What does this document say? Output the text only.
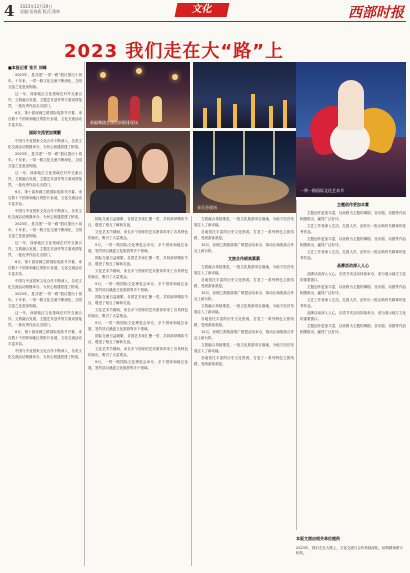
4 2023年12月29日
责编:张海燕 版式:蒲林	文化	西部时报
2023 我们走在大“路”上
新编舞剧在演出前联排现场
一带一路国际文化艺术节
音乐会现场
■本报记者 张天 刘峰

2023年，是共建“一带一路”倡议提出十周年。十年来，一带一路文化交流不断深化，文明互鉴之花愈加绚丽。

这一年，西部地区文化领域在对外交流合作、文旅融合发展、主题艺术创作等方面成绩斐然，一批优秀作品走出国门。

6月，第十届丝绸之路国际电影节开幕，来自数十个国家和地区的影片参展，文化交流活动丰富多彩。

国际交流更加频繁

中国与中亚国家文化合作不断深入，各类文化交流活动相继举办，为民心相通搭建了桥梁。

2023年，是共建“一带一路”倡议提出十周年。十年来，一带一路文化交流不断深化，文明互鉴之花愈加绚丽。

这一年，西部地区文化领域在对外交流合作、文旅融合发展、主题艺术创作等方面成绩斐然，一批优秀作品走出国门。

6月，第十届丝绸之路国际电影节开幕，来自数十个国家和地区的影片参展，文化交流活动丰富多彩。

中国与中亚国家文化合作不断深入，各类文化交流活动相继举办，为民心相通搭建了桥梁。

2023年，是共建“一带一路”倡议提出十周年。十年来，一带一路文化交流不断深化，文明互鉴之花愈加绚丽。

这一年，西部地区文化领域在对外交流合作、文旅融合发展、主题艺术创作等方面成绩斐然，一批优秀作品走出国门。

6月，第十届丝绸之路国际电影节开幕，来自数十个国家和地区的影片参展，文化交流活动丰富多彩。

中国与中亚国家文化合作不断深入，各类文化交流活动相继举办，为民心相通搭建了桥梁。

2023年，是共建“一带一路”倡议提出十周年。十年来，一带一路文化交流不断深化，文明互鉴之花愈加绚丽。

这一年，西部地区文化领域在对外交流合作、文旅融合发展、主题艺术创作等方面成绩斐然，一批优秀作品走出国门。

6月，第十届丝绸之路国际电影节开幕，来自数十个国家和地区的影片参展，文化交流活动丰富多彩。

中国与中亚国家文化合作不断深入，各类文化交流活动相继举办，为民心相通搭建了桥梁。

国际交流日益频繁，各国艺术家汇聚一堂，共同演绎精彩节目，增进了相互了解和友谊。

文化艺术节期间，来自多个国家的艺术团体带来了各具特色的演出，吸引了大量观众。

9月，一带一路国际文化博览会举办，多个国家和地区参展，签约项目涵盖文化旅游等多个领域。

国际交流日益频繁，各国艺术家汇聚一堂，共同演绎精彩节目，增进了相互了解和友谊。

文化艺术节期间，来自多个国家的艺术团体带来了各具特色的演出，吸引了大量观众。

9月，一带一路国际文化博览会举办，多个国家和地区参展，签约项目涵盖文化旅游等多个领域。

国际交流日益频繁，各国艺术家汇聚一堂，共同演绎精彩节目，增进了相互了解和友谊。

文化艺术节期间，来自多个国家的艺术团体带来了各具特色的演出，吸引了大量观众。

9月，一带一路国际文化博览会举办，多个国家和地区参展，签约项目涵盖文化旅游等多个领域。

国际交流日益频繁，各国艺术家汇聚一堂，共同演绎精彩节目，增进了相互了解和友谊。

文化艺术节期间，来自多个国家的艺术团体带来了各具特色的演出，吸引了大量观众。

9月，一带一路国际文化博览会举办，多个国家和地区参展，签约项目涵盖文化旅游等多个领域。

文旅融合持续推进，一批文化旅游项目落地，为地方经济发展注入了新动能。

各地依托丰富的历史文化资源，打造了一系列特色文旅线路，受到游客欢迎。

10月，丝绸之路旅游推广联盟活动举办，推动区域旅游合作迈上新台阶。

文旅合作硕果累累

文旅融合持续推进，一批文化旅游项目落地，为地方经济发展注入了新动能。

各地依托丰富的历史文化资源，打造了一系列特色文旅线路，受到游客欢迎。

10月，丝绸之路旅游推广联盟活动举办，推动区域旅游合作迈上新台阶。

文旅融合持续推进，一批文化旅游项目落地，为地方经济发展注入了新动能。

各地依托丰富的历史文化资源，打造了一系列特色文旅线路，受到游客欢迎。

10月，丝绸之路旅游推广联盟活动举办，推动区域旅游合作迈上新台阶。

文旅融合持续推进，一批文化旅游项目落地，为地方经济发展注入了新动能。

各地依托丰富的历史文化资源，打造了一系列特色文旅线路，受到游客欢迎。

主题创作更加丰富

主题创作更加丰富，以丝路为主题的舞剧、音乐剧、话剧等作品相继推出，赢得广泛好评。

文艺工作者深入生活、扎根人民，创作出一批反映时代精神的优秀作品。

主题创作更加丰富，以丝路为主题的舞剧、音乐剧、话剧等作品相继推出，赢得广泛好评。

文艺工作者深入生活、扎根人民，创作出一批反映时代精神的优秀作品。

品牌活动深入人心

品牌活动深入人心，各类节庆活动持续举办，成为展示地方文化的重要窗口。

主题创作更加丰富，以丝路为主题的舞剧、音乐剧、话剧等作品相继推出，赢得广泛好评。

文艺工作者深入生活、扎根人民，创作出一批反映时代精神的优秀作品。

品牌活动深入人心，各类节庆活动持续举办，成为展示地方文化的重要窗口。

主题创作更加丰富，以丝路为主题的舞剧、音乐剧、话剧等作品相继推出，赢得广泛好评。

本版文图由相关单位提供
2023年，我们走在大路上，文化交流与合作持续深化，丝路精神薪火相传。
